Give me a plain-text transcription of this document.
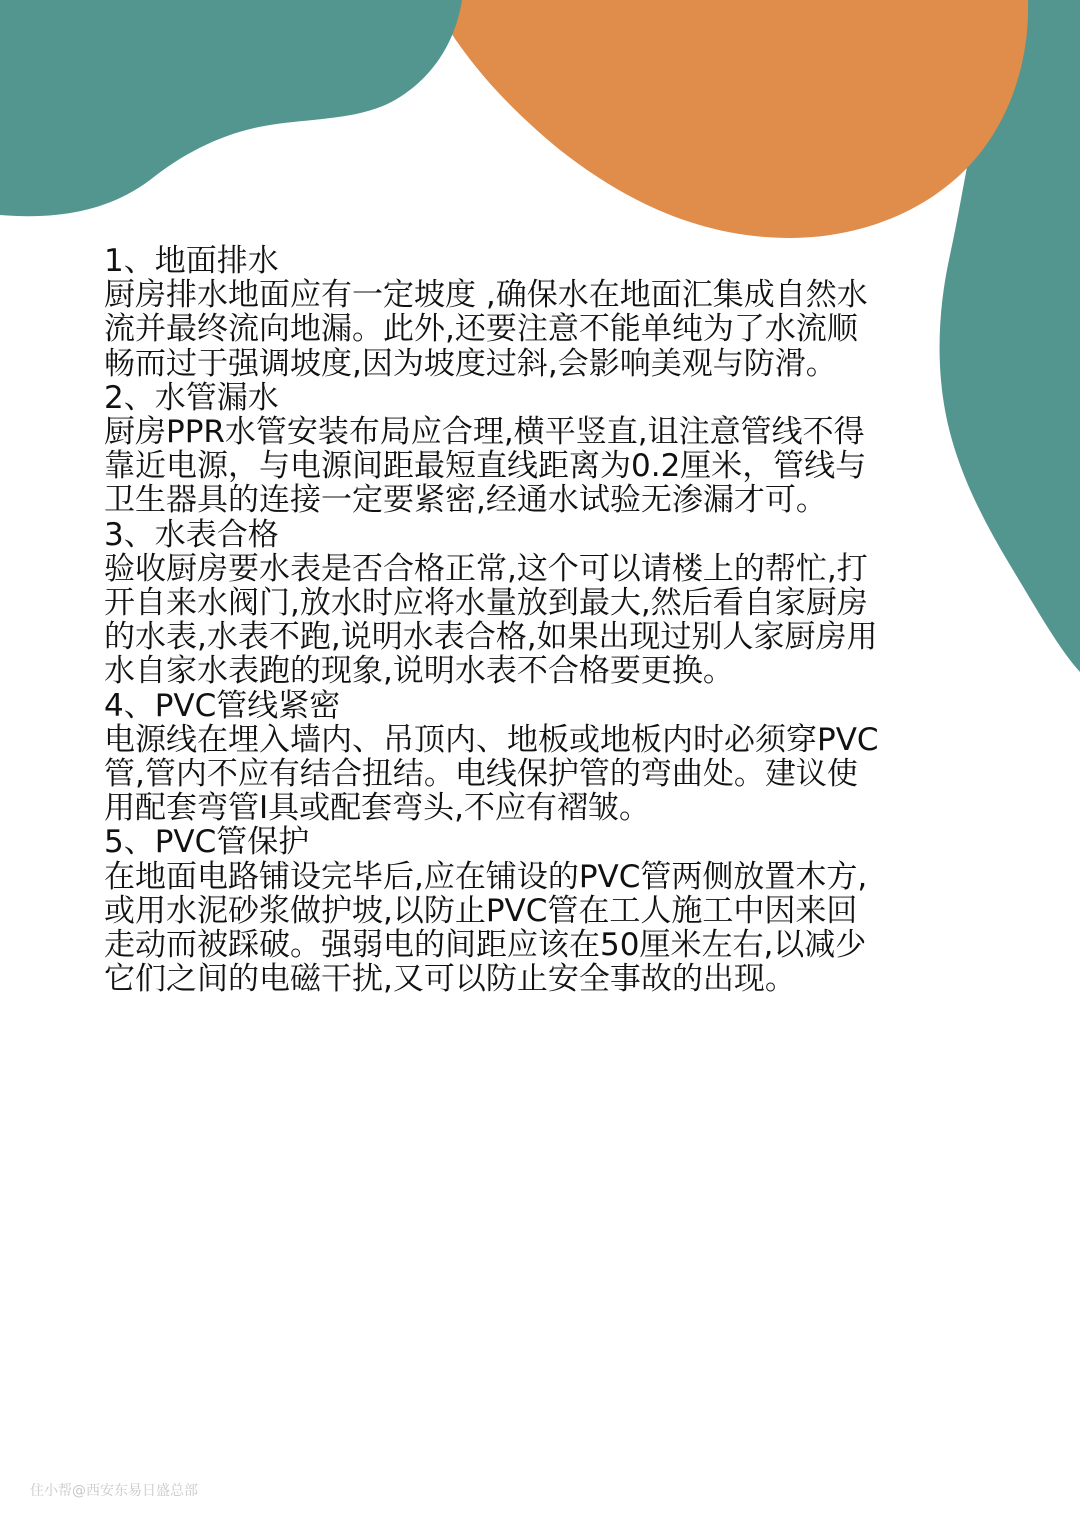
1、地面排水

厨房排水地面应有一定坡度 ,确保水在地面汇集成自然水
流并最终流向地漏。此外,还要注意不能单纯为了水流顺
畅而过于强调坡度,因为坡度过斜,会影响美观与防滑。

2、水管漏水

厨房PPR水管安装布局应合理,横平竖直,诅注意管线不得
靠近电源，与电源间距最短直线距离为0.2厘米，管线与
卫生器具的连接一定要紧密,经通水试验无渗漏才可。

3、水表合格

验收厨房要水表是否合格正常,这个可以请楼上的帮忙,打
开自来水阀门,放水时应将水量放到最大,然后看自家厨房
的水表,水表不跑,说明水表合格,如果出现过别人家厨房用
水自家水表跑的现象,说明水表不合格要更换。

4、PVC管线紧密

电源线在埋入墙内、吊顶内、地板或地板内时必须穿PVC
管,管内不应有结合扭结。电线保护管的弯曲处。建议使
用配套弯管I具或配套弯头,不应有褶皱。

5、PVC管保护

在地面电路铺设完毕后,应在铺设的PVC管两侧放置木方,
或用水泥砂浆做护坡,以防止PVC管在工人施工中因来回
走动而被踩破。强弱电的间距应该在50厘米左右,以减少
它们之间的电磁干扰,又可以防止安全事故的出现。

住小帮@西安东易日盛总部
